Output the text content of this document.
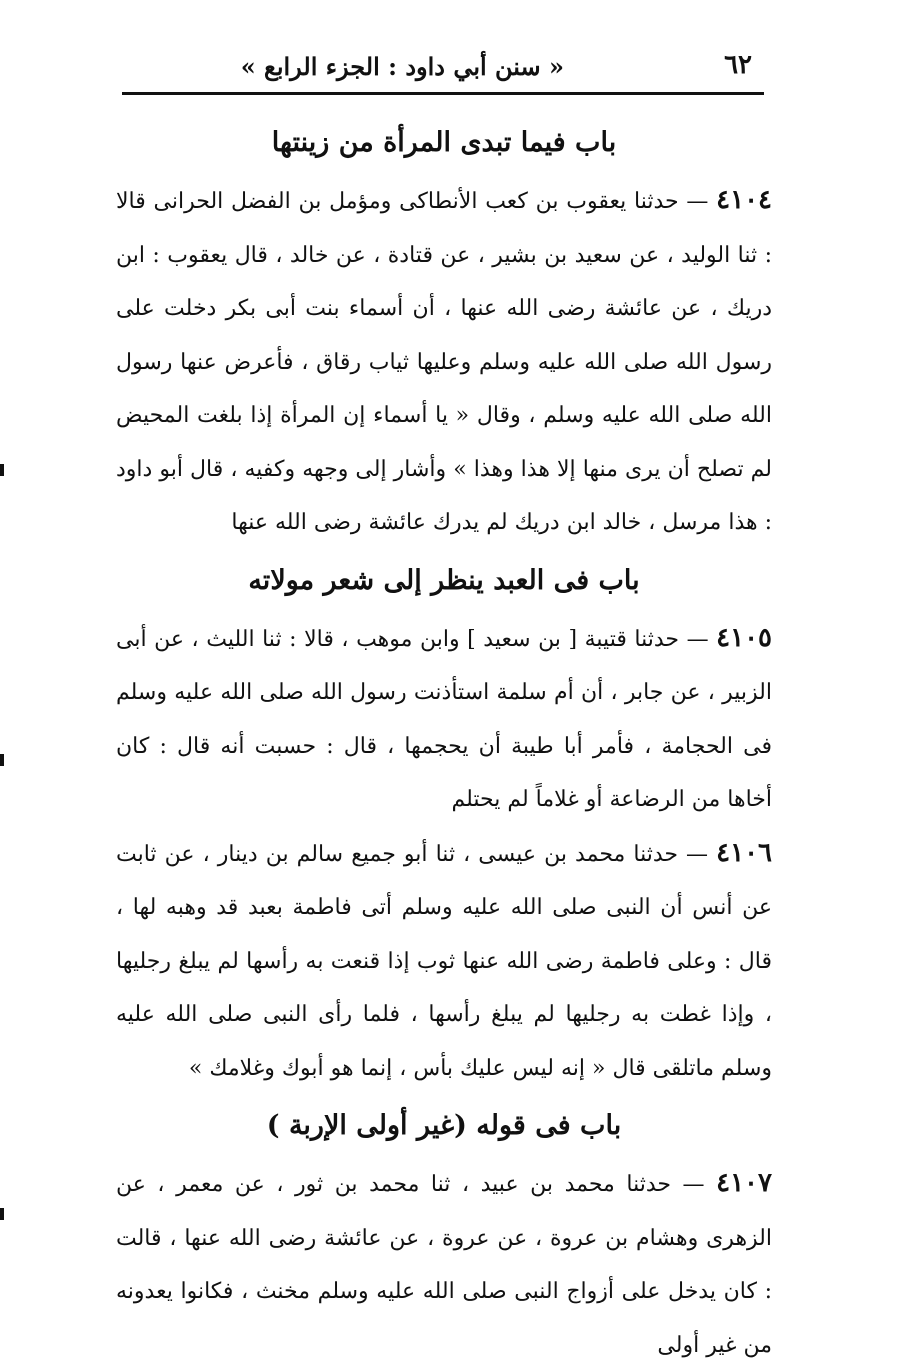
٦٢
« سنن أبي داود : الجزء الرابع »
باب فيما تبدى المرأة من زينتها

٤١٠٤ — حدثنا يعقوب بن كعب الأنطاكى ومؤمل بن الفضل الحرانى قالا : ثنا الوليد ، عن سعيد بن بشير ، عن قتادة ، عن خالد ، قال يعقوب : ابن دريك ، عن عائشة رضى الله عنها ، أن أسماء بنت أبى بكر دخلت على رسول الله صلى الله عليه وسلم وعليها ثياب رقاق ، فأعرض عنها رسول الله صلى الله عليه وسلم ، وقال « يا أسماء إن المرأة إذا بلغت المحيض لم تصلح أن يرى منها إلا هذا وهذا » وأشار إلى وجهه وكفيه ، قال أبو داود : هذا مرسل ، خالد ابن دريك لم يدرك عائشة رضى الله عنها

باب فى العبد ينظر إلى شعر مولاته

٤١٠٥ — حدثنا قتيبة [ بن سعيد ] وابن موهب ، قالا : ثنا الليث ، عن أبى الزبير ، عن جابر ، أن أم سلمة استأذنت رسول الله صلى الله عليه وسلم فى الحجامة ، فأمر أبا طيبة أن يحجمها ، قال : حسبت أنه قال : كان أخاها من الرضاعة أو غلاماً لم يحتلم

٤١٠٦ — حدثنا محمد بن عيسى ، ثنا أبو جميع سالم بن دينار ، عن ثابت عن أنس أن النبى صلى الله عليه وسلم أتى فاطمة بعبد قد وهبه لها ، قال : وعلى فاطمة رضى الله عنها ثوب إذا قنعت به رأسها لم يبلغ رجليها ، وإذا غطت به رجليها لم يبلغ رأسها ، فلما رأى النبى صلى الله عليه وسلم ماتلقى قال « إنه ليس عليك بأس ، إنما هو أبوك وغلامك »

باب فى قوله (غير أولى الإربة )

٤١٠٧ — حدثنا محمد بن عبيد ، ثنا محمد بن ثور ، عن معمر ، عن الزهرى وهشام بن عروة ، عن عروة ، عن عائشة رضى الله عنها ، قالت : كان يدخل على أزواج النبى صلى الله عليه وسلم مخنث ، فكانوا يعدونه من غير أولى
